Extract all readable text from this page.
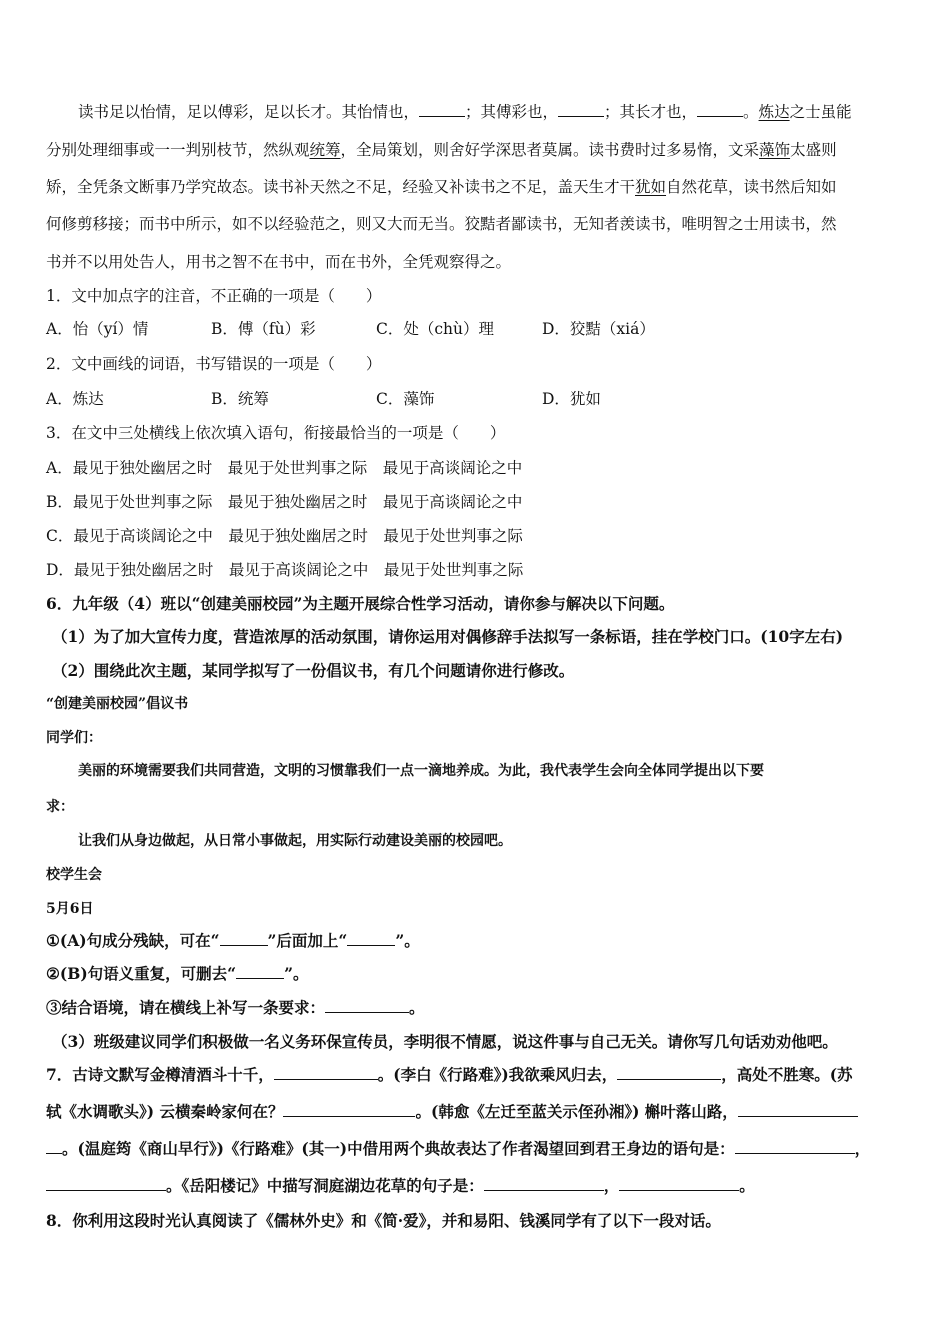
读书足以怡情，足以傅彩，足以长才。其怡情也，	；其傅彩也，	；其长才也，	。炼达之士虽能
分别处理细事或一一判别枝节，然纵观统筹，全局策划，则舍好学深思者莫属。读书费时过多易惰，文采藻饰太盛则
矫，全凭条文断事乃学究故态。读书补天然之不足，经验又补读书之不足，盖天生才干犹如自然花草，读书然后知如
何修剪移接；而书中所示，如不以经验范之，则又大而无当。狡黠者鄙读书，无知者羡读书，唯明智之士用读书，然
书并不以用处告人，用书之智不在书中，而在书外，全凭观察得之。
1．文中加点字的注音，不正确的一项是（　　）
A．怡（yí）情	B．傅（fù）彩	C．处（chù）理	D．狡黠（xiá）
2．文中画线的词语，书写错误的一项是（　　）
A．炼达	B．统筹	C．藻饰	D．犹如
3．在文中三处横线上依次填入语句，衔接最恰当的一项是（　　）
A．最见于独处幽居之时　最见于处世判事之际　最见于高谈阔论之中
B．最见于处世判事之际　最见于独处幽居之时　最见于高谈阔论之中
C．最见于高谈阔论之中　最见于独处幽居之时　最见于处世判事之际
D．最见于独处幽居之时　最见于高谈阔论之中　最见于处世判事之际
6．九年级（4）班以“创建美丽校园”为主题开展综合性学习活动，请你参与解决以下问题。
（1）为了加大宣传力度，营造浓厚的活动氛围，请你运用对偶修辞手法拟写一条标语，挂在学校门口。(10字左右)
（2）围绕此次主题，某同学拟写了一份倡议书，有几个问题请你进行修改。
“创建美丽校园”倡议书
同学们：
美丽的环境需要我们共同营造，文明的习惯靠我们一点一滴地养成。为此，我代表学生会向全体同学提出以下要
求：
让我们从身边做起，从日常小事做起，用实际行动建设美丽的校园吧。
校学生会
5月6日
①(A)句成分残缺，可在“	”后面加上“	”。
②(B)句语义重复，可删去“	”。
③结合语境，请在横线上补写一条要求：	。
（3）班级建议同学们积极做一名义务环保宣传员，李明很不情愿，说这件事与自己无关。请你写几句话劝劝他吧。
7．古诗文默写金樽清酒斗十千，	。(李白《行路难》)我欲乘风归去，	，高处不胜寒。(苏
轼《水调歌头》) 云横秦岭家何在？	。(韩愈《左迁至蓝关示侄孙湘》) 槲叶落山路，
。(温庭筠《商山早行》)《行路难》(其一)中借用两个典故表达了作者渴望回到君王身边的语句是：	，
。《岳阳楼记》中描写洞庭湖边花草的句子是：	，	。
8．你利用这段时光认真阅读了《儒林外史》和《简·爱》，并和易阳、钱溪同学有了以下一段对话。
